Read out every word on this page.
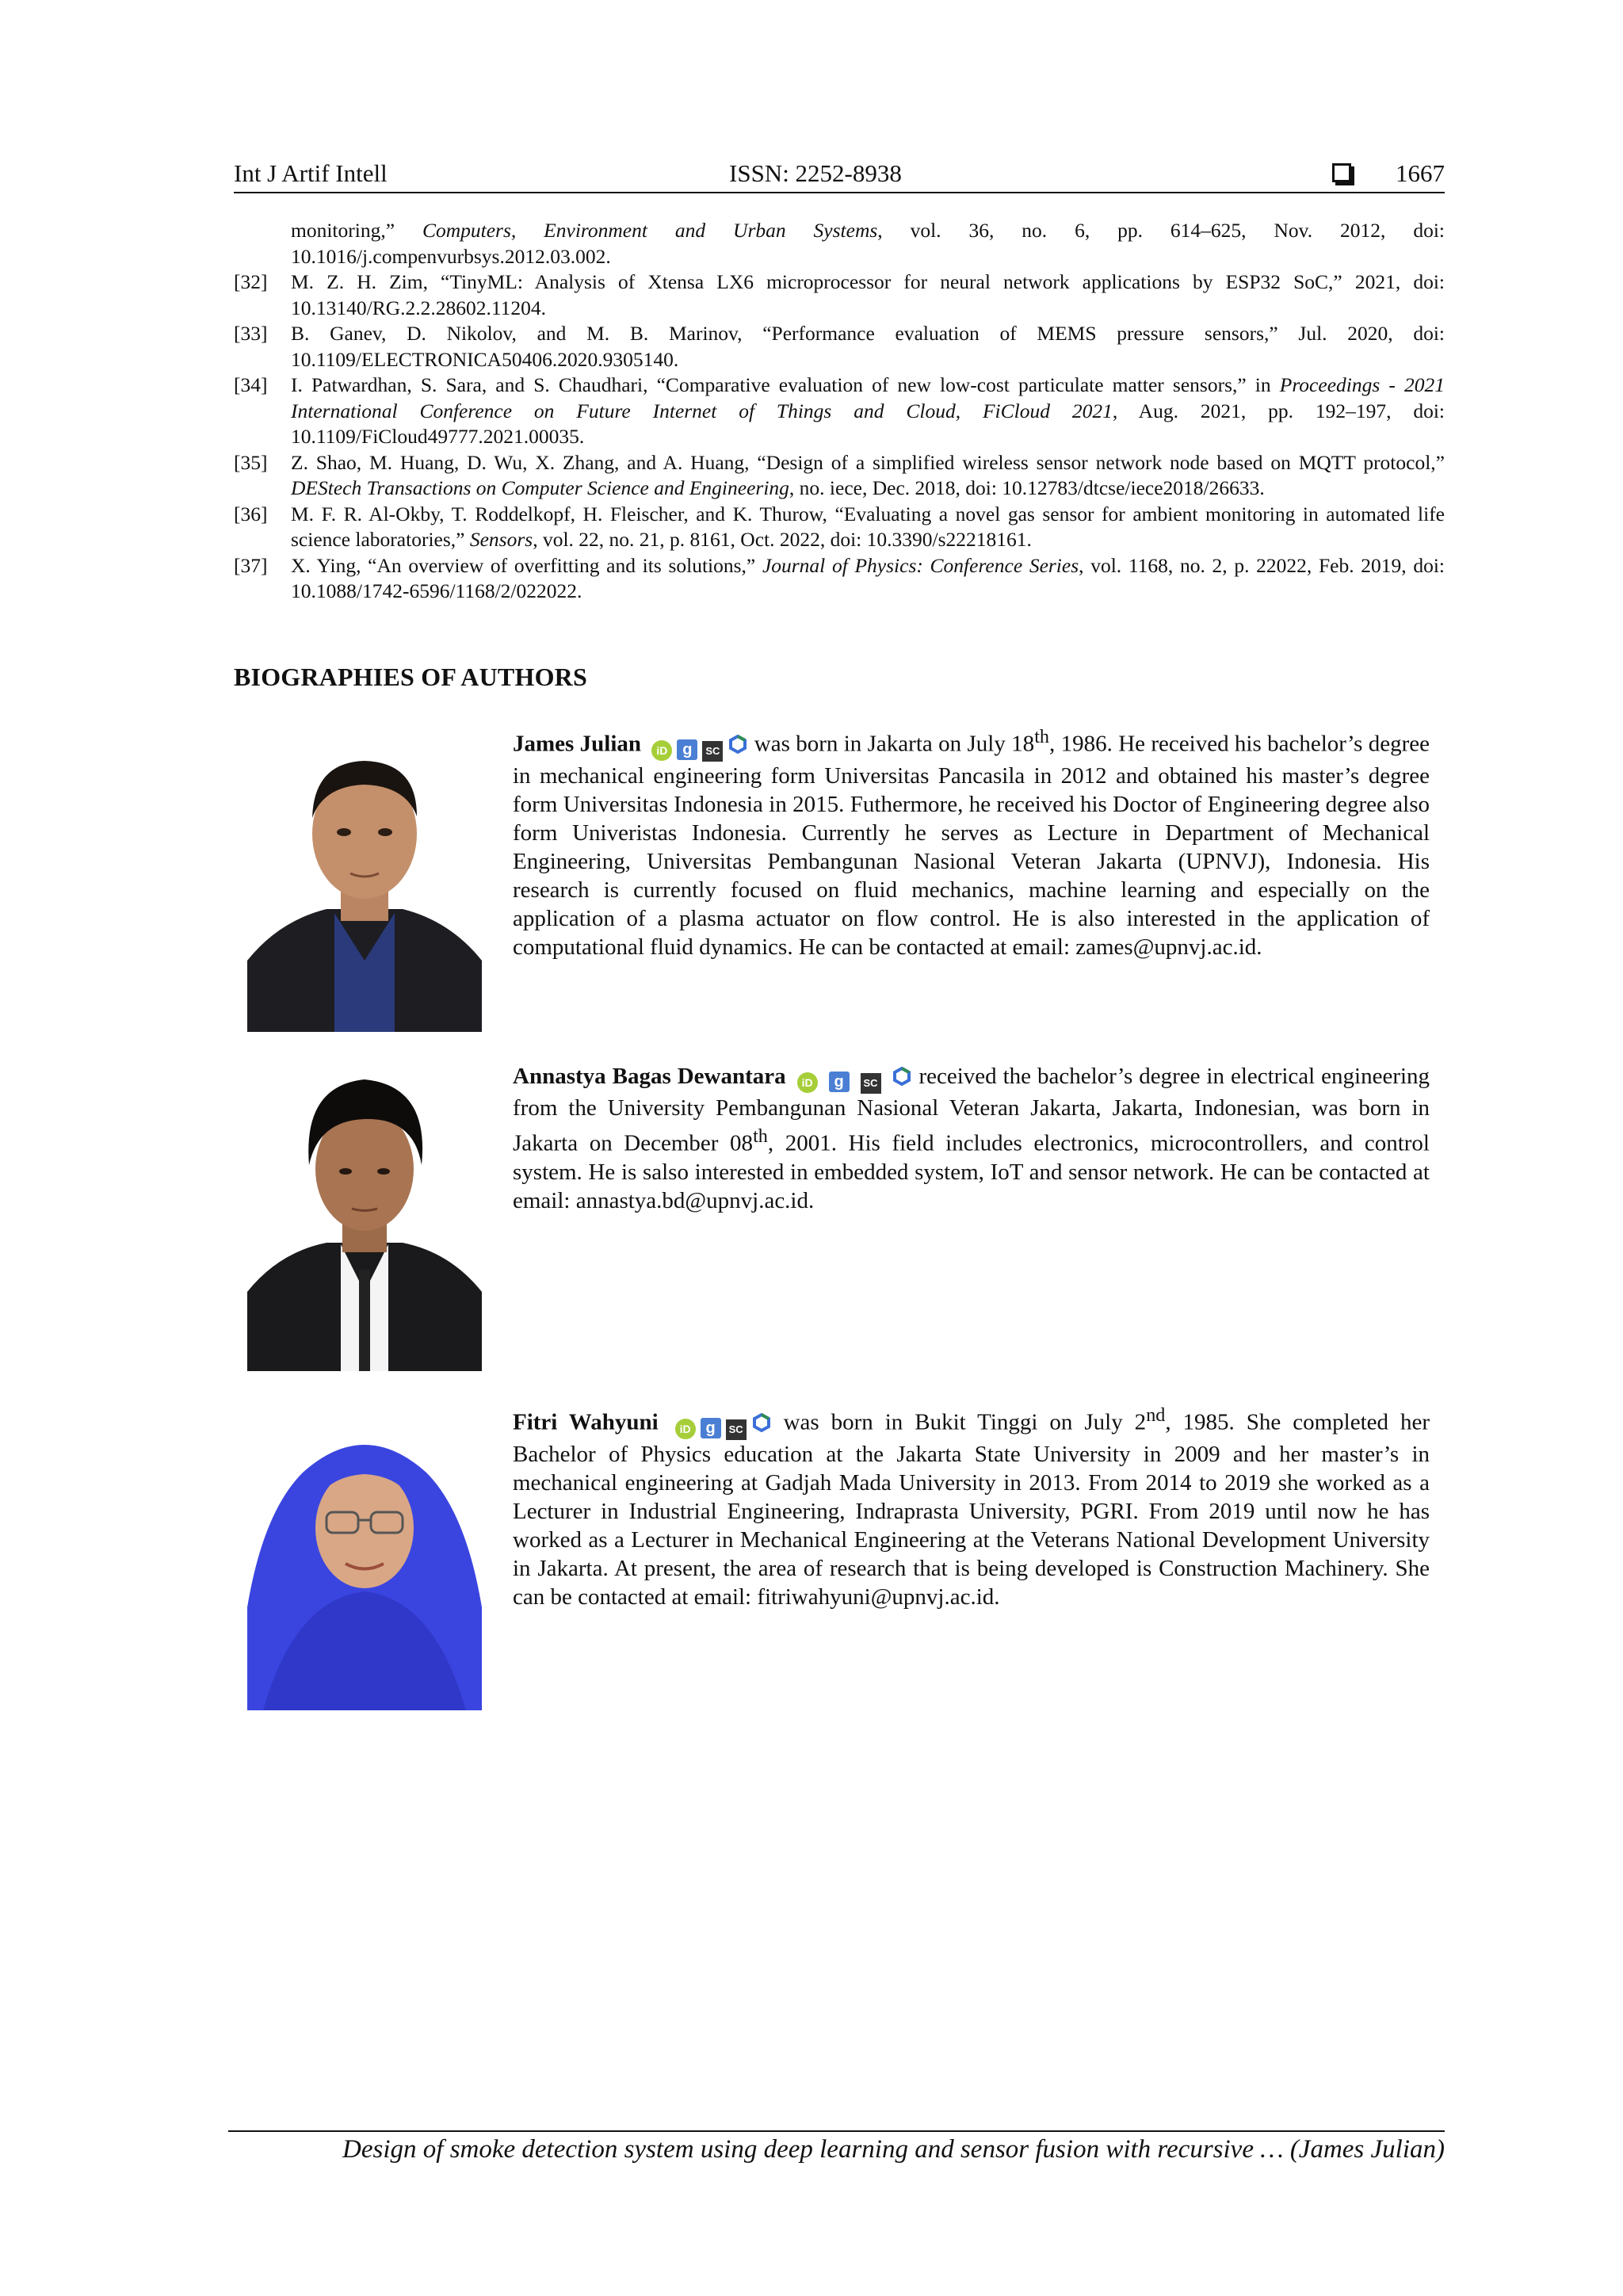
Int J Artif Intell	ISSN: 2252-8938	1667
monitoring,” Computers, Environment and Urban Systems, vol. 36, no. 6, pp. 614–625, Nov. 2012, doi: 10.1016/j.compenvurbsys.2012.03.002.
[32] M. Z. H. Zim, “TinyML: Analysis of Xtensa LX6 microprocessor for neural network applications by ESP32 SoC,” 2021, doi: 10.13140/RG.2.2.28602.11204.
[33] B. Ganev, D. Nikolov, and M. B. Marinov, “Performance evaluation of MEMS pressure sensors,” Jul. 2020, doi: 10.1109/ELECTRONICA50406.2020.9305140.
[34] I. Patwardhan, S. Sara, and S. Chaudhari, “Comparative evaluation of new low-cost particulate matter sensors,” in Proceedings - 2021 International Conference on Future Internet of Things and Cloud, FiCloud 2021, Aug. 2021, pp. 192–197, doi: 10.1109/FiCloud49777.2021.00035.
[35] Z. Shao, M. Huang, D. Wu, X. Zhang, and A. Huang, “Design of a simplified wireless sensor network node based on MQTT protocol,” DEStech Transactions on Computer Science and Engineering, no. iece, Dec. 2018, doi: 10.12783/dtcse/iece2018/26633.
[36] M. F. R. Al-Okby, T. Roddelkopf, H. Fleischer, and K. Thurow, “Evaluating a novel gas sensor for ambient monitoring in automated life science laboratories,” Sensors, vol. 22, no. 21, p. 8161, Oct. 2022, doi: 10.3390/s22218161.
[37] X. Ying, “An overview of overfitting and its solutions,” Journal of Physics: Conference Series, vol. 1168, no. 2, p. 22022, Feb. 2019, doi: 10.1088/1742-6596/1168/2/022022.
BIOGRAPHIES OF AUTHORS
James Julian iD g SC was born in Jakarta on July 18th, 1986. He received his bachelor’s degree in mechanical engineering form Universitas Pancasila in 2012 and obtained his master’s degree form Universitas Indonesia in 2015. Futhermore, he received his Doctor of Engineering degree also form Univeristas Indonesia. Currently he serves as Lecture in Department of Mechanical Engineering, Universitas Pembangunan Nasional Veteran Jakarta (UPNVJ), Indonesia. His research is currently focused on fluid mechanics, machine learning and especially on the application of a plasma actuator on flow control. He is also interested in the application of computational fluid dynamics. He can be contacted at email: zames@upnvj.ac.id.
Annastya Bagas Dewantara iD g SC  received the bachelor’s degree in electrical engineering from the University Pembangunan Nasional Veteran Jakarta, Jakarta, Indonesian, was born in Jakarta on December 08th, 2001. His field includes electronics, microcontrollers, and control system. He is salso interested in embedded system, IoT and sensor network. He can be contacted at email: annastya.bd@upnvj.ac.id.
Fitri Wahyuni iD g SC was born in Bukit Tinggi on July 2nd, 1985. She completed her Bachelor of Physics education at the Jakarta State University in 2009 and her master’s in mechanical engineering at Gadjah Mada University in 2013. From 2014 to 2019 she worked as a Lecturer in Industrial Engineering, Indraprasta University, PGRI. From 2019 until now he has worked as a Lecturer in Mechanical Engineering at the Veterans National Development University in Jakarta. At present, the area of research that is being developed is Construction Machinery. She can be contacted at email: fitriwahyuni@upnvj.ac.id.
Design of smoke detection system using deep learning and sensor fusion with recursive … (James Julian)
